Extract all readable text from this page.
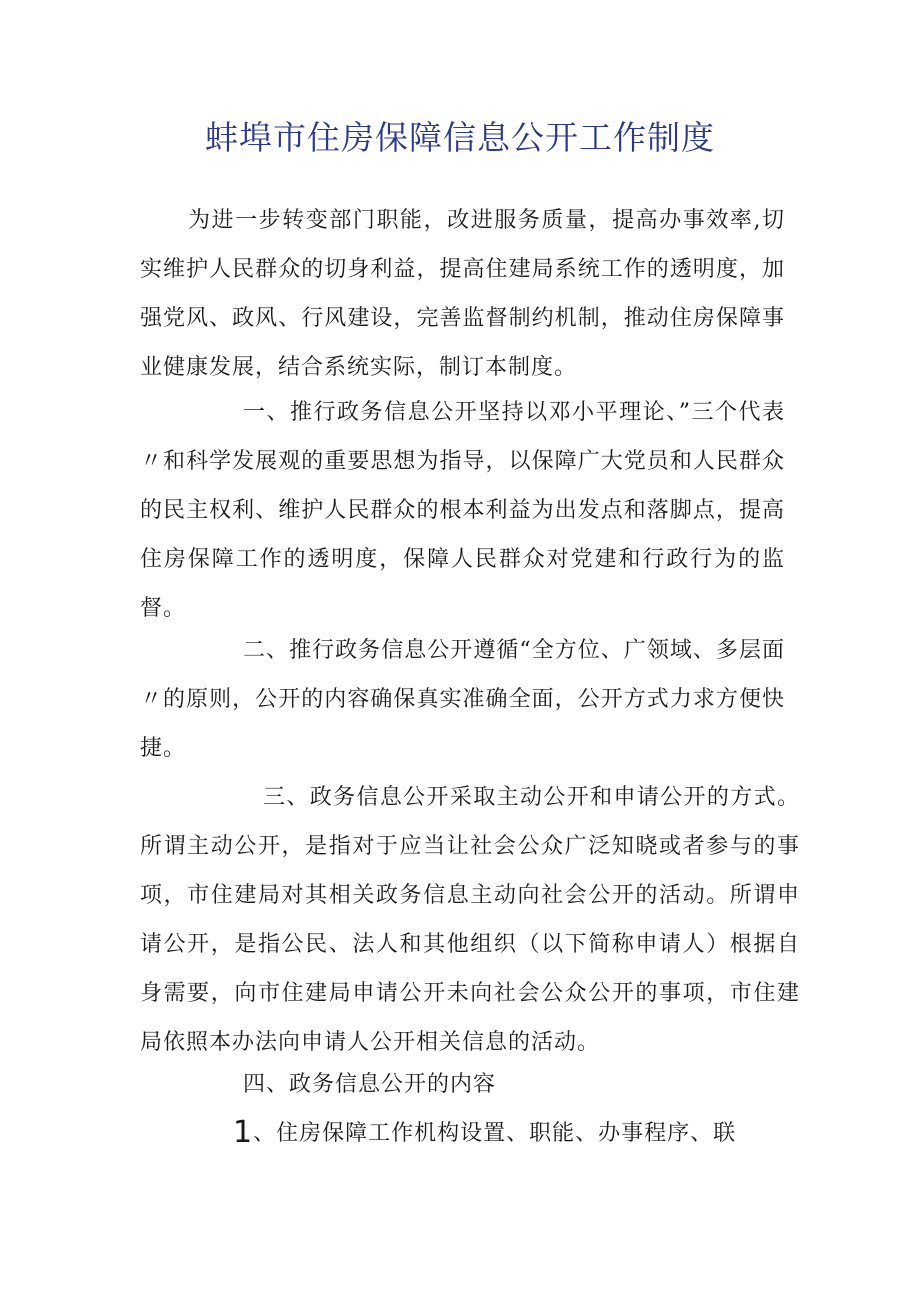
蚌埠市住房保障信息公开工作制度

为进一步转变部门职能，改进服务质量，提高办事效率,切实维护人民群众的切身利益，提高住建局系统工作的透明度，加强党风、政风、行风建设，完善监督制约机制，推动住房保障事业健康发展，结合系统实际，制订本制度。

一、推行政务信息公开坚持以邓小平理论、”三个代表〃和科学发展观的重要思想为指导，以保障广大党员和人民群众的民主权利、维护人民群众的根本利益为出发点和落脚点，提高住房保障工作的透明度，保障人民群众对党建和行政行为的监督。

二、推行政务信息公开遵循“全方位、广领域、多层面〃的原则，公开的内容确保真实准确全面，公开方式力求方便快捷。

三、政务信息公开采取主动公开和申请公开的方式。所谓主动公开，是指对于应当让社会公众广泛知晓或者参与的事项，市住建局对其相关政务信息主动向社会公开的活动。所谓申请公开，是指公民、法人和其他组织（以下简称申请人）根据自身需要，向市住建局申请公开未向社会公众公开的事项，市住建局依照本办法向申请人公开相关信息的活动。

四、政务信息公开的内容

1、住房保障工作机构设置、职能、办事程序、联
